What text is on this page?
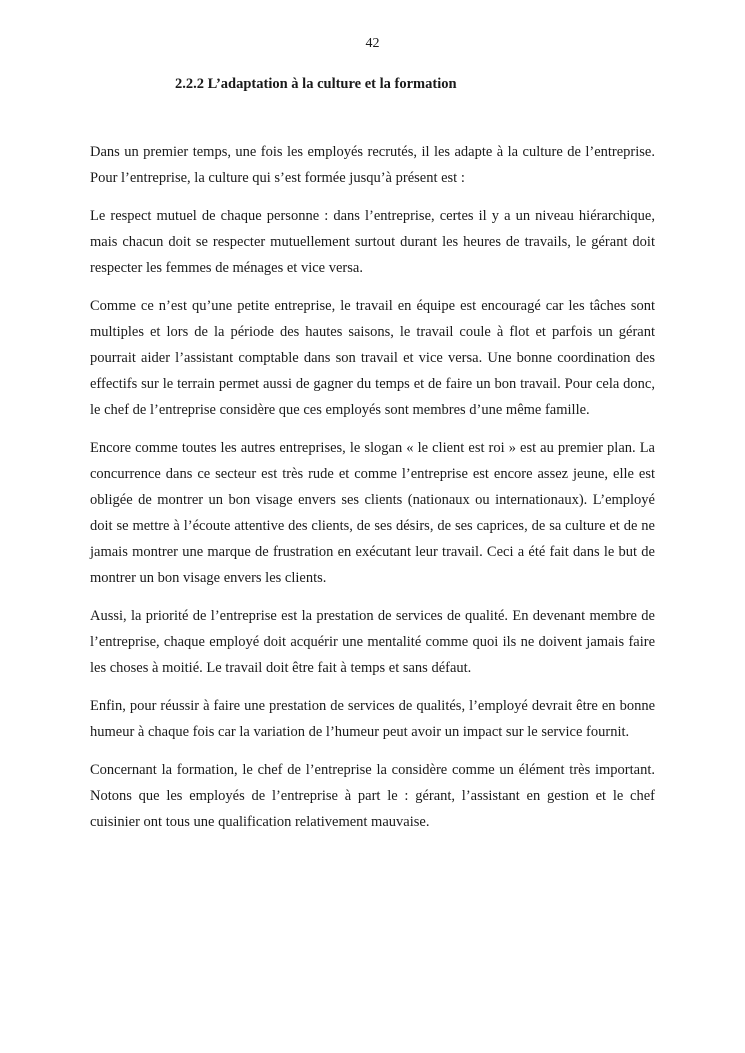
42
2.2.2 L’adaptation à la culture et la formation

Dans un premier temps, une fois les employés recrutés, il les adapte à la culture de l’entreprise. Pour l’entreprise, la culture qui s’est formée jusqu’à présent est :

Le respect mutuel de chaque personne : dans l’entreprise, certes il y a un niveau hiérarchique, mais chacun doit se respecter mutuellement surtout durant les heures de travails, le gérant doit respecter les femmes de ménages et vice versa.

Comme ce n’est qu’une petite entreprise, le travail en équipe est encouragé car les tâches sont multiples et lors de la période des hautes saisons, le travail coule à flot et parfois un gérant pourrait aider l’assistant comptable dans son travail et vice versa. Une bonne coordination des effectifs sur le terrain permet aussi de gagner du temps et de faire un bon travail. Pour cela donc, le chef de l’entreprise considère que ces employés sont membres d’une même famille.

Encore comme toutes les autres entreprises, le slogan « le client est roi » est au premier plan. La concurrence dans ce secteur est très rude et comme l’entreprise est encore assez jeune, elle est obligée de montrer un bon visage envers ses clients (nationaux ou internationaux). L’employé doit se mettre à l’écoute attentive des clients, de ses désirs, de ses caprices, de sa culture et de ne jamais montrer une marque de frustration en exécutant leur travail. Ceci a été fait dans le but de montrer un bon visage envers les clients.

Aussi, la priorité de l’entreprise est la prestation de services de qualité. En devenant membre de l’entreprise, chaque employé doit acquérir une mentalité comme quoi ils ne doivent jamais faire les choses à moitié. Le travail doit être fait à temps et sans défaut.

Enfin, pour réussir à faire une prestation de services de qualités, l’employé devrait être en bonne humeur à chaque fois car la variation de l’humeur peut avoir un impact sur le service fournit.

Concernant la formation, le chef de l’entreprise la considère comme un élément très important. Notons que les employés de l’entreprise à part le : gérant, l’assistant en gestion et le chef cuisinier ont tous une qualification relativement mauvaise.
